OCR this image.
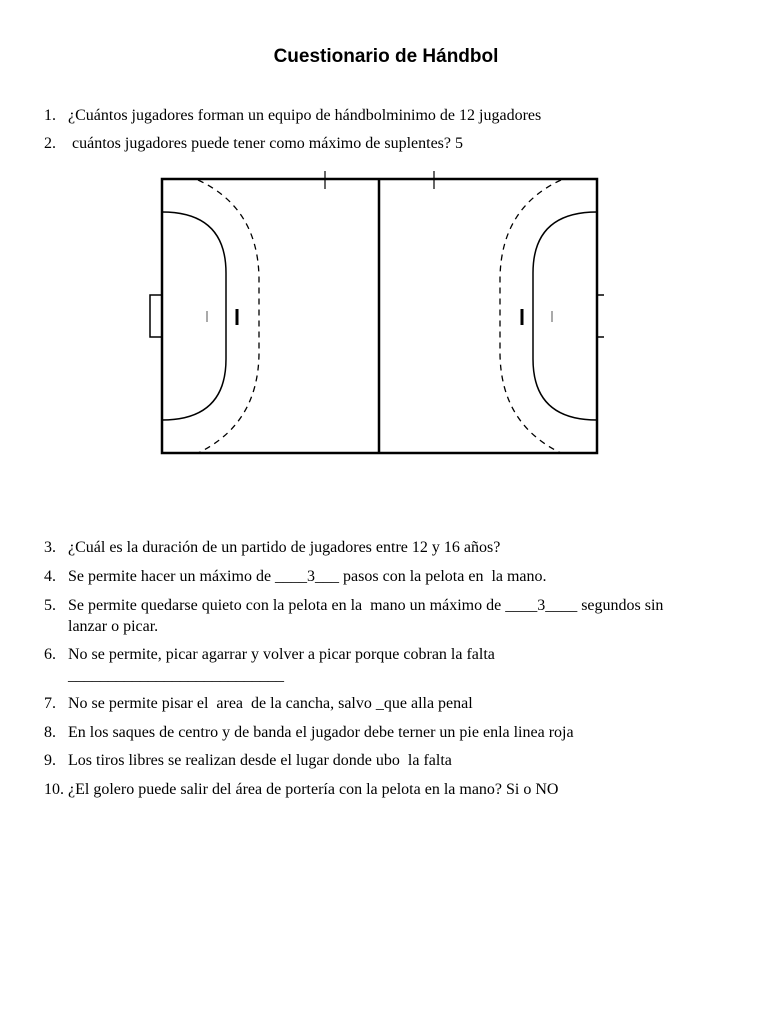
Cuestionario de Hándbol
1. ¿Cuántos jugadores forman un equipo de hándbolminimo de 12 jugadores
2. cuántos jugadores puede tener como máximo de suplentes? 5
3. ¿Cuál es la duración de un partido de jugadores entre 12 y 16 años?
4. Se permite hacer un máximo de ____3___ pasos con la pelota en  la mano.
5. Se permite quedarse quieto con la pelota en la  mano un máximo de ____3____ segundos sin
lanzar o picar.
6. No se permite, picar agarrar y volver a picar porque cobran la falta
___________________________
7. No se permite pisar el  area  de la cancha, salvo _que alla penal
8. En los saques de centro y de banda el jugador debe terner un pie enla linea roja
9. Los tiros libres se realizan desde el lugar donde ubo  la falta
10. ¿El golero puede salir del área de portería con la pelota en la mano? Si o NO
